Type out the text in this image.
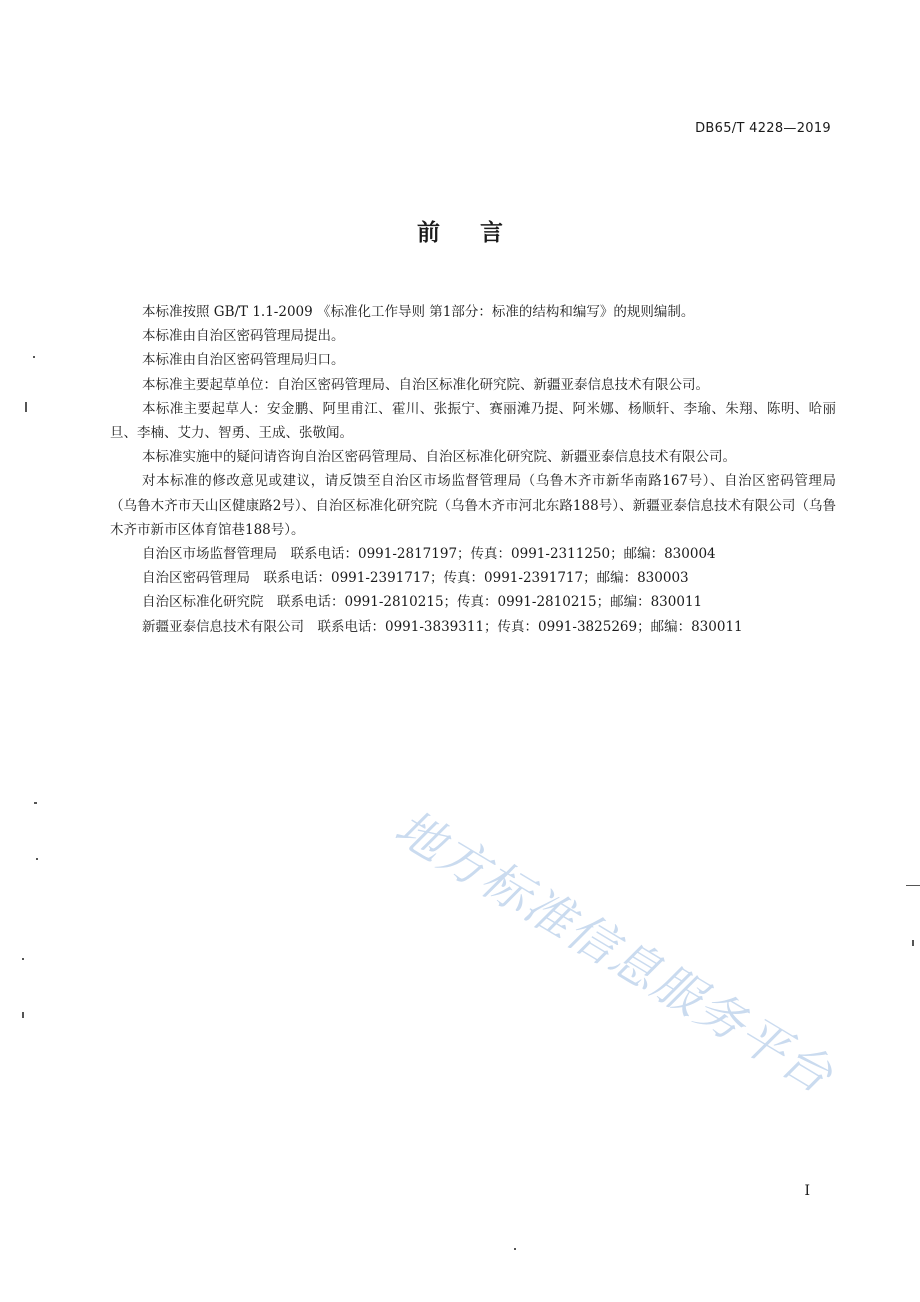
DB65/T 4228—2019
前言

本标准按照 GB/T 1.1-2009 《标准化工作导则 第1部分：标准的结构和编写》的规则编制。

本标准由自治区密码管理局提出。

本标准由自治区密码管理局归口。

本标准主要起草单位：自治区密码管理局、自治区标准化研究院、新疆亚泰信息技术有限公司。

本标准主要起草人：安金鹏、阿里甫江、霍川、张振宁、赛丽滩乃提、阿米娜、杨顺轩、李瑜、朱翔、陈明、哈丽旦、李楠、艾力、智勇、王成、张敬闻。

本标准实施中的疑问请咨询自治区密码管理局、自治区标准化研究院、新疆亚泰信息技术有限公司。

对本标准的修改意见或建议，请反馈至自治区市场监督管理局（乌鲁木齐市新华南路167号）、自治区密码管理局（乌鲁木齐市天山区健康路2号）、自治区标准化研究院（乌鲁木齐市河北东路188号）、新疆亚泰信息技术有限公司（乌鲁木齐市新市区体育馆巷188号）。

自治区市场监督管理局　联系电话：0991-2817197；传真：0991-2311250；邮编：830004

自治区密码管理局　联系电话：0991-2391717；传真：0991-2391717；邮编：830003

自治区标准化研究院　联系电话：0991-2810215；传真：0991-2810215；邮编：830011

新疆亚泰信息技术有限公司　联系电话：0991-3839311；传真：0991-3825269；邮编：830011

地方标准信息服务平台
I
